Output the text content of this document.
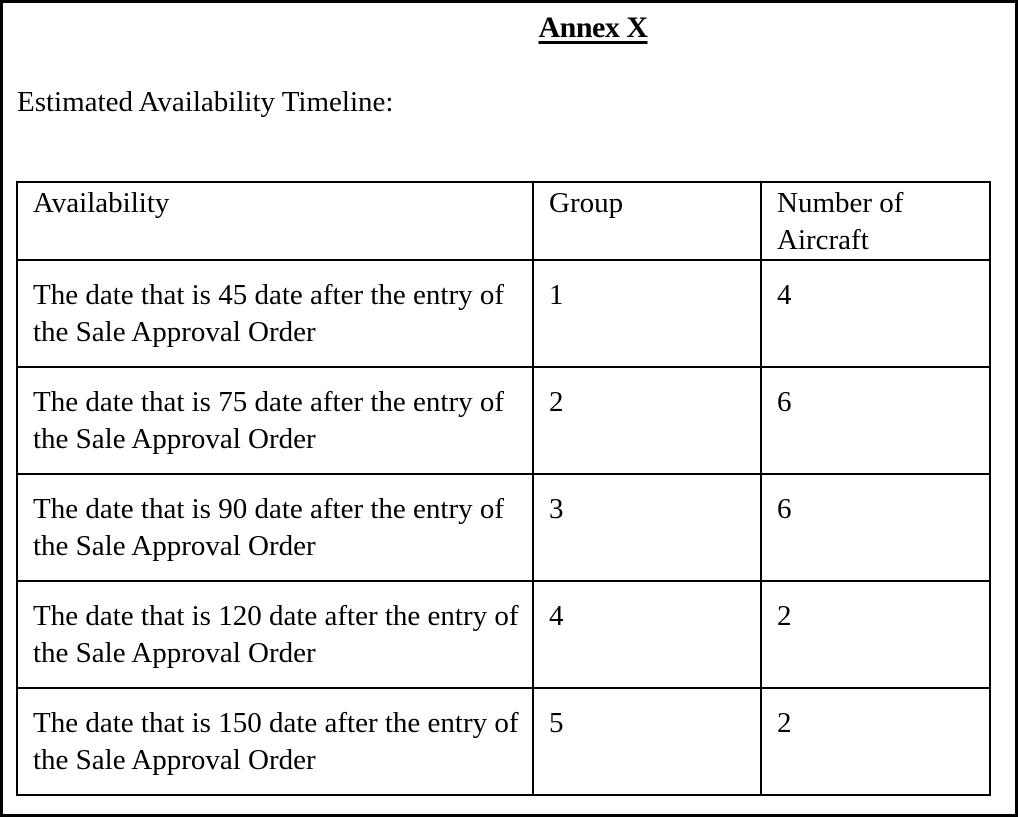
Annex X
Estimated Availability Timeline:
Availability	Group	Number of Aircraft
The date that is 45 date after the entry of the Sale Approval Order	1	4
The date that is 75 date after the entry of the Sale Approval Order	2	6
The date that is 90 date after the entry of the Sale Approval Order	3	6
The date that is 120 date after the entry of the Sale Approval Order	4	2
The date that is 150 date after the entry of the Sale Approval Order	5	2
